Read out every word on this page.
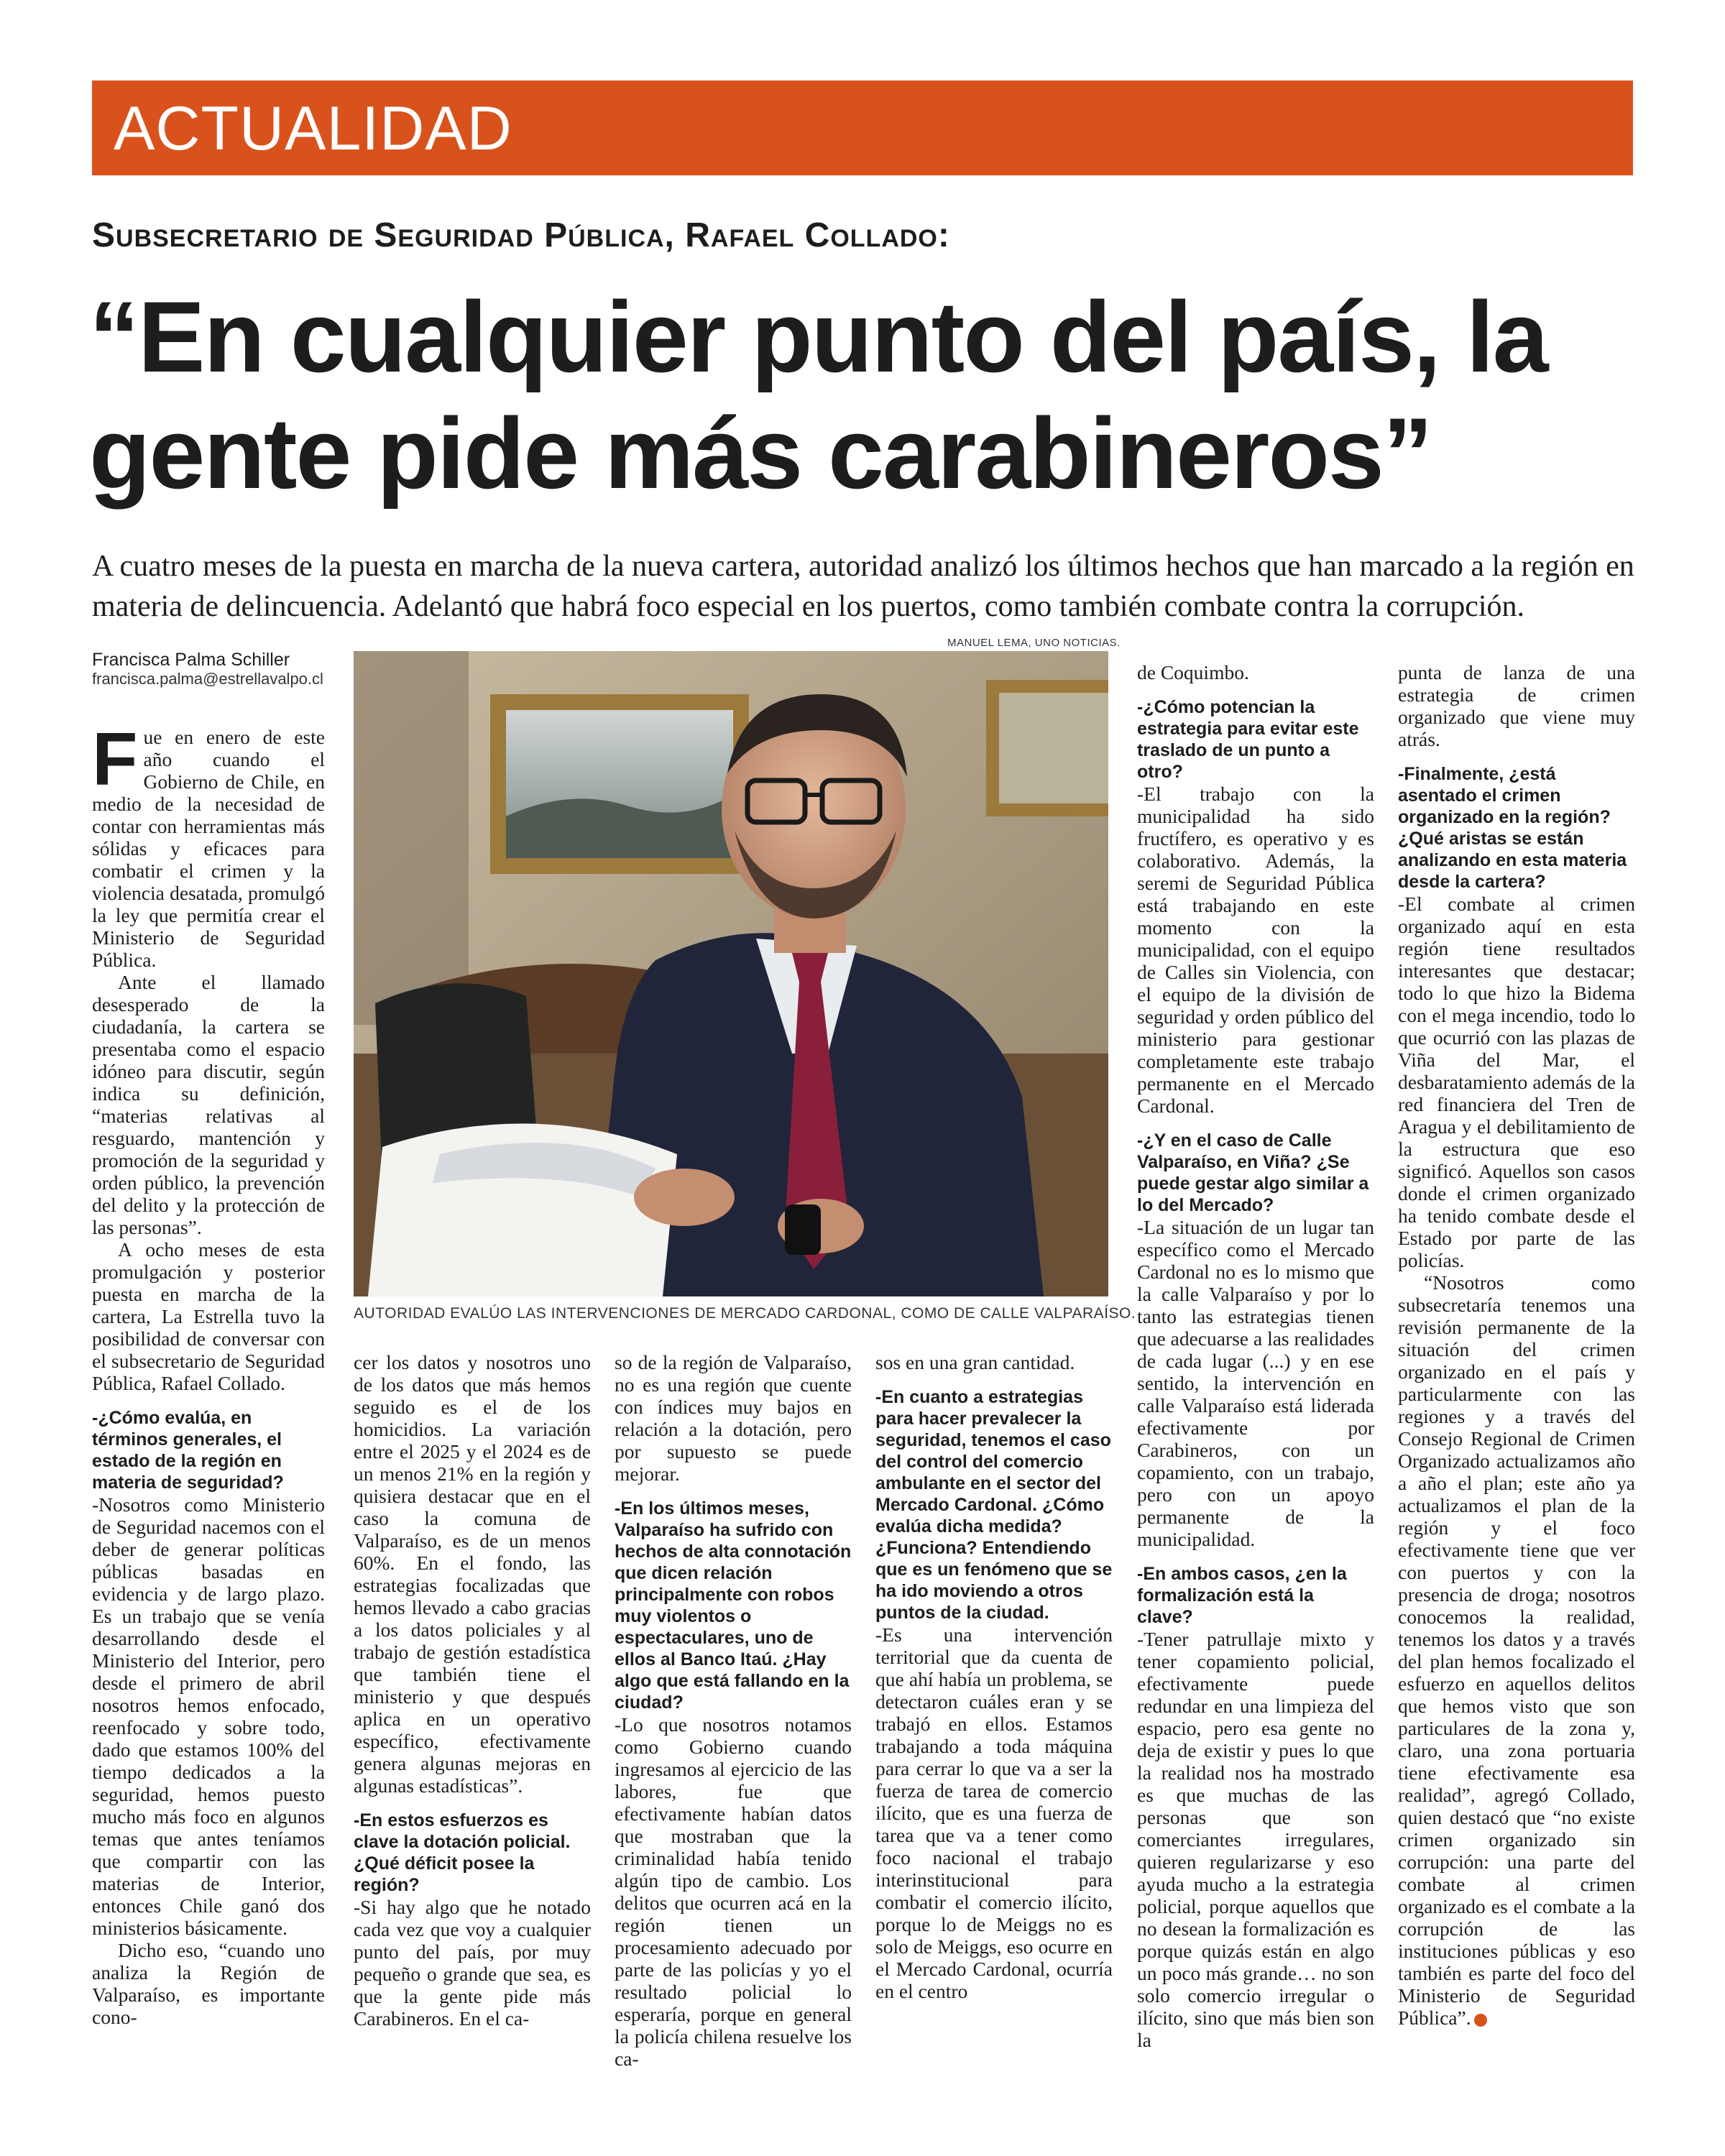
ACTUALIDAD
Subsecretario de Seguridad Pública, Rafael Collado:
“En cualquier punto del país, la
gente pide más carabineros”

A cuatro meses de la puesta en marcha de la nueva cartera, autoridad analizó los últimos hechos que han marcado a la región en materia de delincuencia. Adelantó que habrá foco especial en los puertos, como también combate contra la corrupción.

Francisca Palma Schiller
francisca.palma@estrellavalpo.cl
MANUEL LEMA, UNO NOTICIAS.
AUTORIDAD EVALÚO LAS INTERVENCIONES DE MERCADO CARDONAL, COMO DE CALLE VALPARAÍSO.

Fue en enero de este año cuando el Gobierno de Chile, en medio de la necesidad de contar con herramientas más sólidas y eficaces para combatir el crimen y la violencia desatada, promulgó la ley que permitía crear el Ministerio de Seguridad Pública.

Ante el llamado desesperado de la ciudadanía, la cartera se presentaba como el espacio idóneo para discutir, según indica su definición, “materias relativas al resguardo, mantención y promoción de la seguridad y orden público, la prevención del delito y la protección de las personas”.

A ocho meses de esta promulgación y posterior puesta en marcha de la cartera, La Estrella tuvo la posibilidad de conversar con el subsecretario de Seguridad Pública, Rafael Collado.

-¿Cómo evalúa, en términos generales, el estado de la región en materia de seguridad?

-Nosotros como Ministerio de Seguridad nacemos con el deber de generar políticas públicas basadas en evidencia y de largo plazo. Es un trabajo que se venía desarrollando desde el Ministerio del Interior, pero desde el primero de abril nosotros hemos enfocado, reenfocado y sobre todo, dado que estamos 100% del tiempo dedicados a la seguridad, hemos puesto mucho más foco en algunos temas que antes teníamos que compartir con las materias de Interior, entonces Chile ganó dos ministerios básicamente.

Dicho eso, “cuando uno analiza la Región de Valparaíso, es importante cono-

cer los datos y nosotros uno de los datos que más hemos seguido es el de los homicidios. La variación entre el 2025 y el 2024 es de un menos 21% en la región y quisiera destacar que en el caso la comuna de Valparaíso, es de un menos 60%. En el fondo, las estrategias focalizadas que hemos llevado a cabo gracias a los datos policiales y al trabajo de gestión estadística que también tiene el ministerio y que después aplica en un operativo específico, efectivamente genera algunas mejoras en algunas estadísticas”.

-En estos esfuerzos es clave la dotación policial. ¿Qué déficit posee la región?

-Si hay algo que he notado cada vez que voy a cualquier punto del país, por muy pequeño o grande que sea, es que la gente pide más Carabineros. En el ca-

so de la región de Valparaíso, no es una región que cuente con índices muy bajos en relación a la dotación, pero por supuesto se puede mejorar.

-En los últimos meses, Valparaíso ha sufrido con hechos de alta connotación que dicen relación principalmente con robos muy violentos o espectaculares, uno de ellos al Banco Itaú. ¿Hay algo que está fallando en la ciudad?

-Lo que nosotros notamos como Gobierno cuando ingresamos al ejercicio de las labores, fue que efectivamente habían datos que mostraban que la criminalidad había tenido algún tipo de cambio. Los delitos que ocurren acá en la región tienen un procesamiento adecuado por parte de las policías y yo el resultado policial lo esperaría, porque en general la policía chilena resuelve los ca-

sos en una gran cantidad.

-En cuanto a estrategias para hacer prevalecer la seguridad, tenemos el caso del control del comercio ambulante en el sector del Mercado Cardonal. ¿Cómo evalúa dicha medida? ¿Funciona? Entendiendo que es un fenómeno que se ha ido moviendo a otros puntos de la ciudad.

-Es una intervención territorial que da cuenta de que ahí había un problema, se detectaron cuáles eran y se trabajó en ellos. Estamos trabajando a toda máquina para cerrar lo que va a ser la fuerza de tarea de comercio ilícito, que es una fuerza de tarea que va a tener como foco nacional el trabajo interinstitucional para combatir el comercio ilícito, porque lo de Meiggs no es solo de Meiggs, eso ocurre en el Mercado Cardonal, ocurría en el centro

de Coquimbo.

-¿Cómo potencian la estrategia para evitar este traslado de un punto a otro?

-El trabajo con la municipalidad ha sido fructífero, es operativo y es colaborativo. Además, la seremi de Seguridad Pública está trabajando en este momento con la municipalidad, con el equipo de Calles sin Violencia, con el equipo de la división de seguridad y orden público del ministerio para gestionar completamente este trabajo permanente en el Mercado Cardonal.

-¿Y en el caso de Calle Valparaíso, en Viña? ¿Se puede gestar algo similar a lo del Mercado?

-La situación de un lugar tan específico como el Mercado Cardonal no es lo mismo que la calle Valparaíso y por lo tanto las estrategias tienen que adecuarse a las realidades de cada lugar (...) y en ese sentido, la intervención en calle Valparaíso está liderada efectivamente por Carabineros, con un copamiento, con un trabajo, pero con un apoyo permanente de la municipalidad.

-En ambos casos, ¿en la formalización está la clave?

-Tener patrullaje mixto y tener copamiento policial, efectivamente puede redundar en una limpieza del espacio, pero esa gente no deja de existir y pues lo que la realidad nos ha mostrado es que muchas de las personas que son comerciantes irregulares, quieren regularizarse y eso ayuda mucho a la estrategia policial, porque aquellos que no desean la formalización es porque quizás están en algo un poco más grande… no son solo comercio irregular o ilícito, sino que más bien son la

punta de lanza de una estrategia de crimen organizado que viene muy atrás.

-Finalmente, ¿está asentado el crimen organizado en la región? ¿Qué aristas se están analizando en esta materia desde la cartera?

-El combate al crimen organizado aquí en esta región tiene resultados interesantes que destacar; todo lo que hizo la Bidema con el mega incendio, todo lo que ocurrió con las plazas de Viña del Mar, el desbaratamiento además de la red financiera del Tren de Aragua y el debilitamiento de la estructura que eso significó. Aquellos son casos donde el crimen organizado ha tenido combate desde el Estado por parte de las policías.

“Nosotros como subsecretaría tenemos una revisión permanente de la situación del crimen organizado en el país y particularmente con las regiones y a través del Consejo Regional de Crimen Organizado actualizamos año a año el plan; este año ya actualizamos el plan de la región y el foco efectivamente tiene que ver con puertos y con la presencia de droga; nosotros conocemos la realidad, tenemos los datos y a través del plan hemos focalizado el esfuerzo en aquellos delitos que hemos visto que son particulares de la zona y, claro, una zona portuaria tiene efectivamente esa realidad”, agregó Collado, quien destacó que “no existe crimen organizado sin corrupción: una parte del combate al crimen organizado es el combate a la corrupción de las instituciones públicas y eso también es parte del foco del Ministerio de Seguridad Pública”.
